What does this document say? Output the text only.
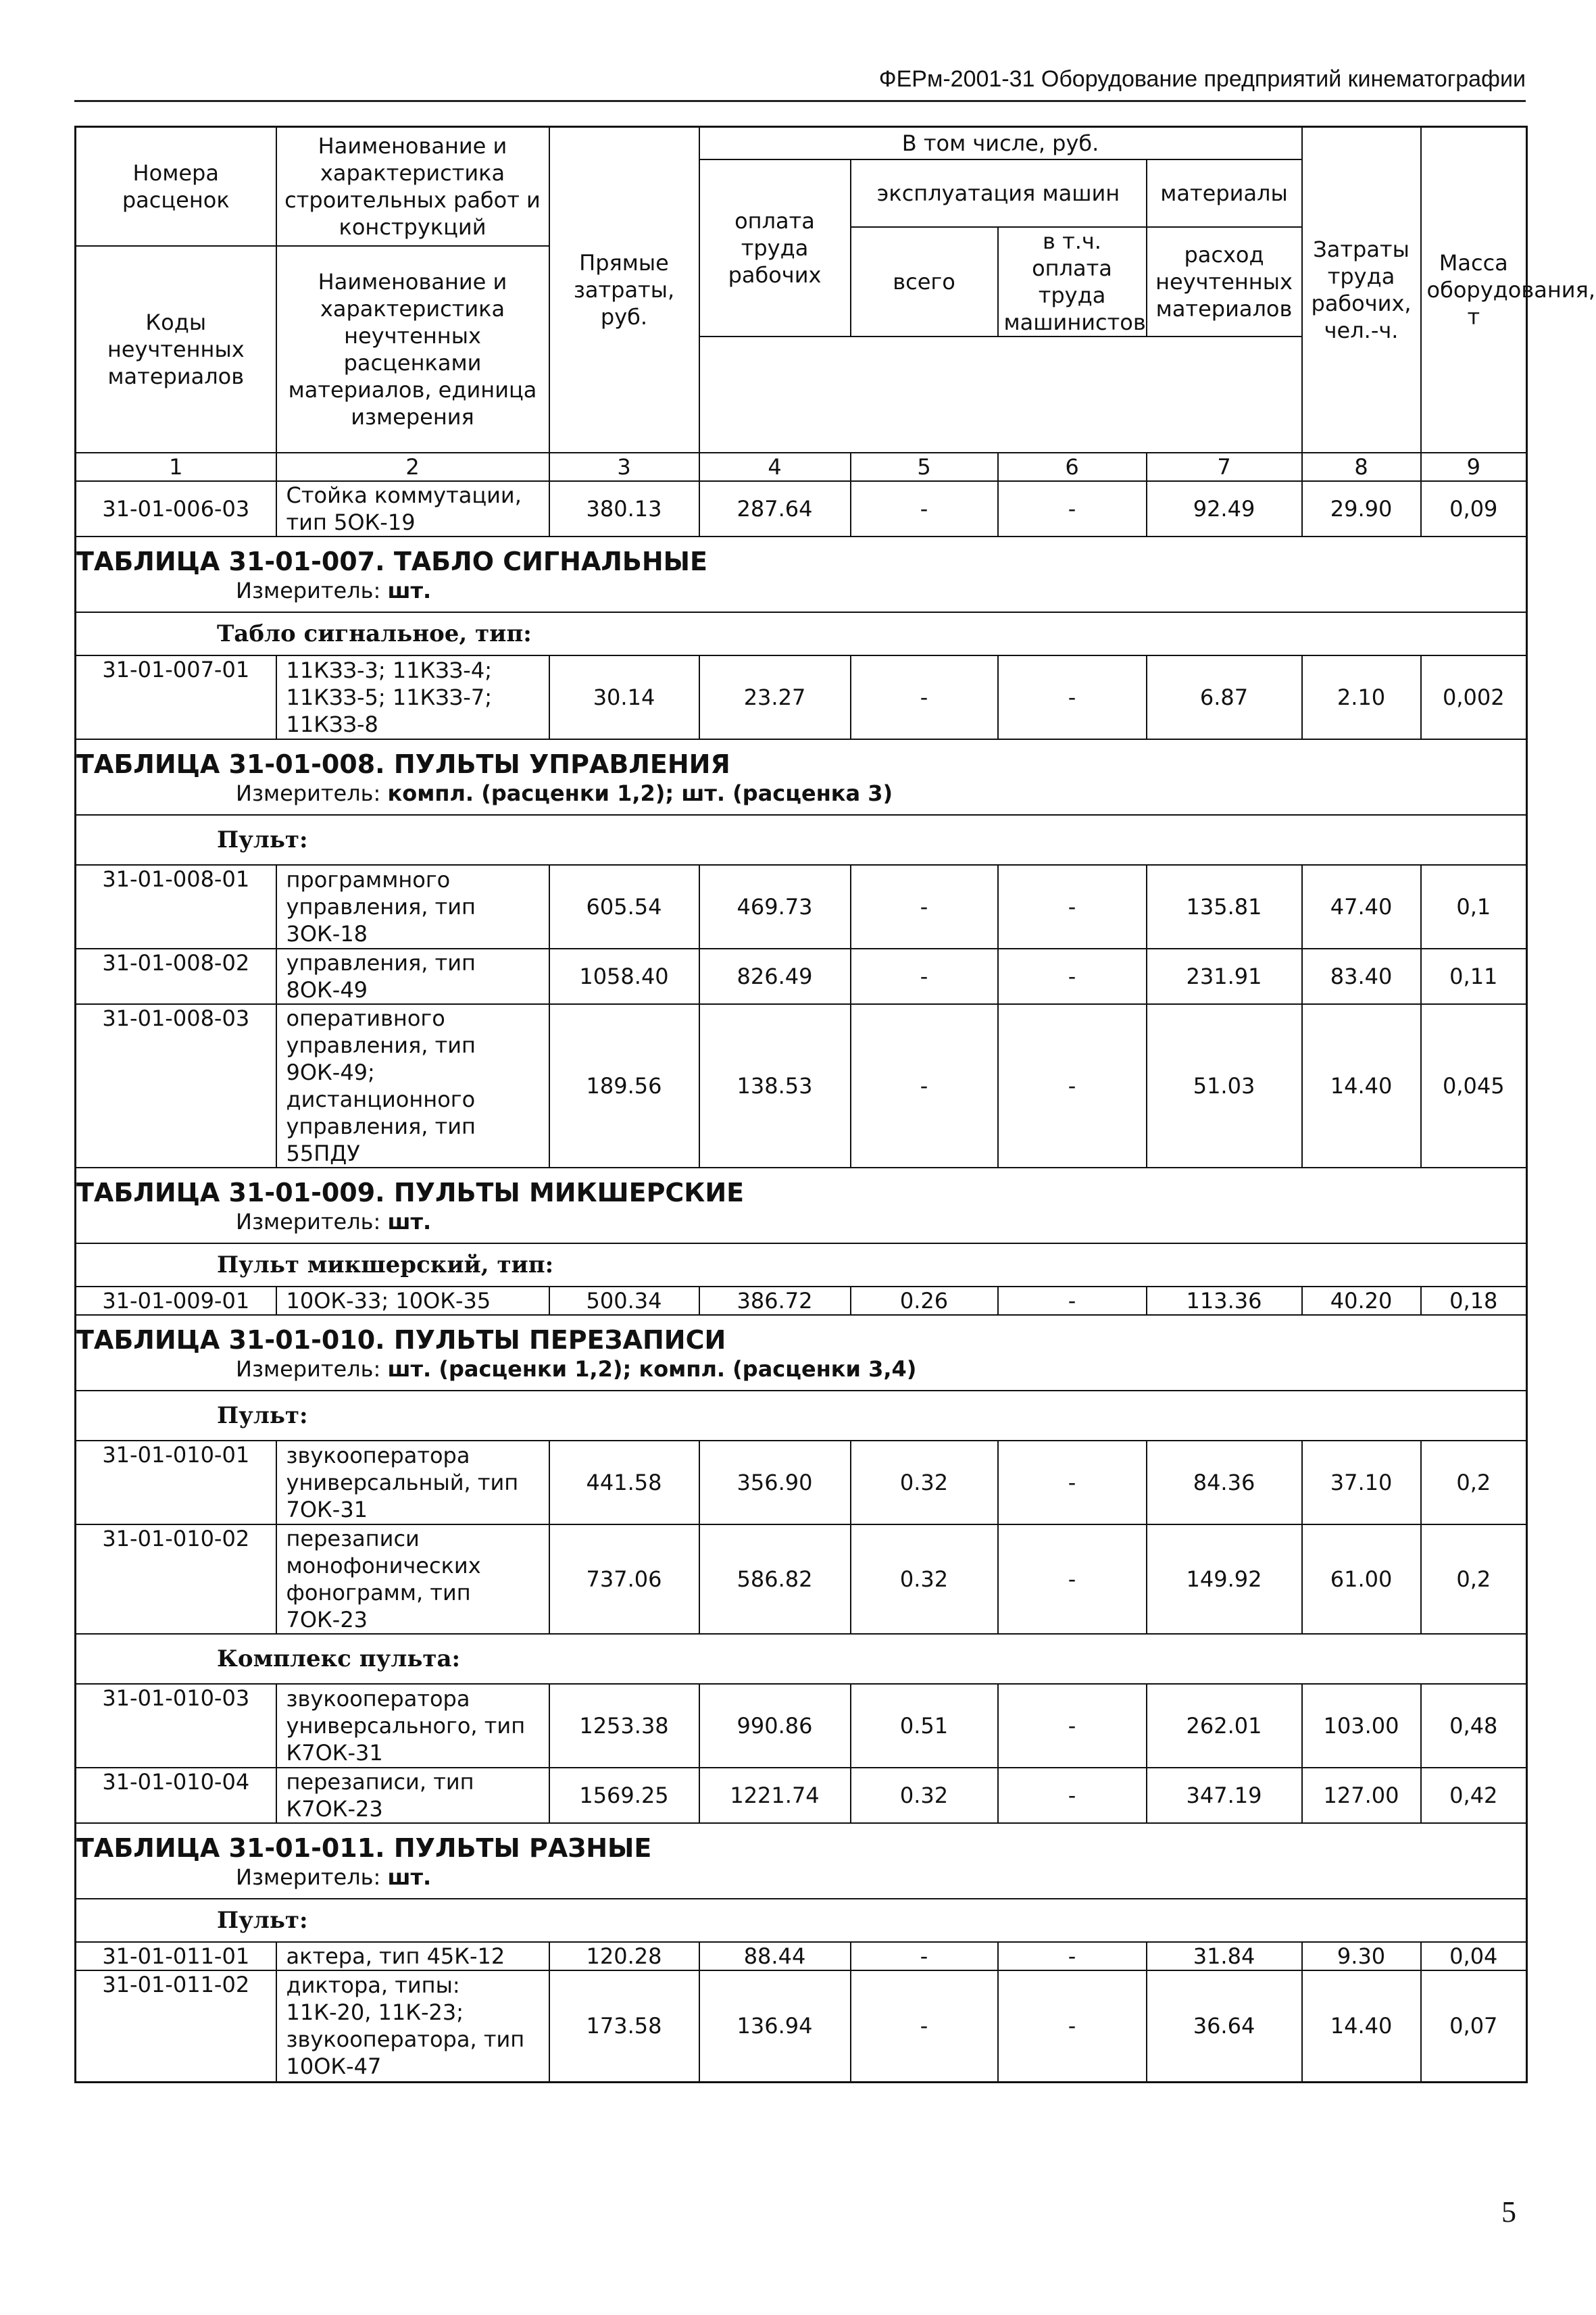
ФЕРм-2001-31 Оборудование предприятий кинематографии
Номера расценок	Наименование и характеристика строительных работ и конструкций	Прямые затраты, руб.	В том числе, руб.				Затраты труда рабочих, чел.-ч.	Масса оборудования, т
			оплата труда рабочих	эксплуатация машин		материалы		
				всего	в т.ч. оплата труда машинистов	расход неучтенных материалов		
Коды неучтенных материалов	Наименование и характеристика неучтенных расценками материалов, единица измерения							

1	2	3	4	5	6	7	8	9
31-01-006-03	Стойка коммутации, тип 5ОК-19	380.13	287.64	-	-	92.49	29.90	0,09

ТАБЛИЦА 31-01-007. ТАБЛО СИГНАЛЬНЫЕ
Измеритель: шт.								

Табло сигнальное, тип:								
31-01-007-01	11КЗЗ-3; 11КЗЗ-4; 11КЗЗ-5; 11КЗЗ-7; 11КЗЗ-8	30.14	23.27	-	-	6.87	2.10	0,002

ТАБЛИЦА 31-01-008. ПУЛЬТЫ УПРАВЛЕНИЯ
Измеритель: компл. (расценки 1,2); шт. (расценка 3)								

Пульт:								
31-01-008-01	программного управления, тип 3ОК-18	605.54	469.73	-	-	135.81	47.40	0,1
31-01-008-02	управления, тип 8ОК-49	1058.40	826.49	-	-	231.91	83.40	0,11
31-01-008-03	оперативного управления, тип 9ОК-49; дистанционного управления, тип 55ПДУ	189.56	138.53	-	-	51.03	14.40	0,045

ТАБЛИЦА 31-01-009. ПУЛЬТЫ МИКШЕРСКИЕ
Измеритель: шт.								

Пульт микшерский, тип:								
31-01-009-01	10ОК-33; 10ОК-35	500.34	386.72	0.26	-	113.36	40.20	0,18

ТАБЛИЦА 31-01-010. ПУЛЬТЫ ПЕРЕЗАПИСИ
Измеритель: шт. (расценки 1,2); компл. (расценки 3,4)								

Пульт:								
31-01-010-01	звукооператора универсальный, тип 7ОК-31	441.58	356.90	0.32	-	84.36	37.10	0,2
31-01-010-02	перезаписи монофонических фонограмм, тип 7ОК-23	737.06	586.82	0.32	-	149.92	61.00	0,2
Комплекс пульта:								
31-01-010-03	звукооператора универсального, тип К7ОК-31	1253.38	990.86	0.51	-	262.01	103.00	0,48
31-01-010-04	перезаписи, тип К7ОК-23	1569.25	1221.74	0.32	-	347.19	127.00	0,42

ТАБЛИЦА 31-01-011. ПУЛЬТЫ РАЗНЫЕ
Измеритель: шт.								

Пульт:								
31-01-011-01	актера, тип 45К-12	120.28	88.44	-	-	31.84	9.30	0,04
31-01-011-02	диктора, типы: 11К-20, 11К-23; звукооператора, тип 10ОК-47	173.58	136.94	-	-	36.64	14.40	0,07
5
